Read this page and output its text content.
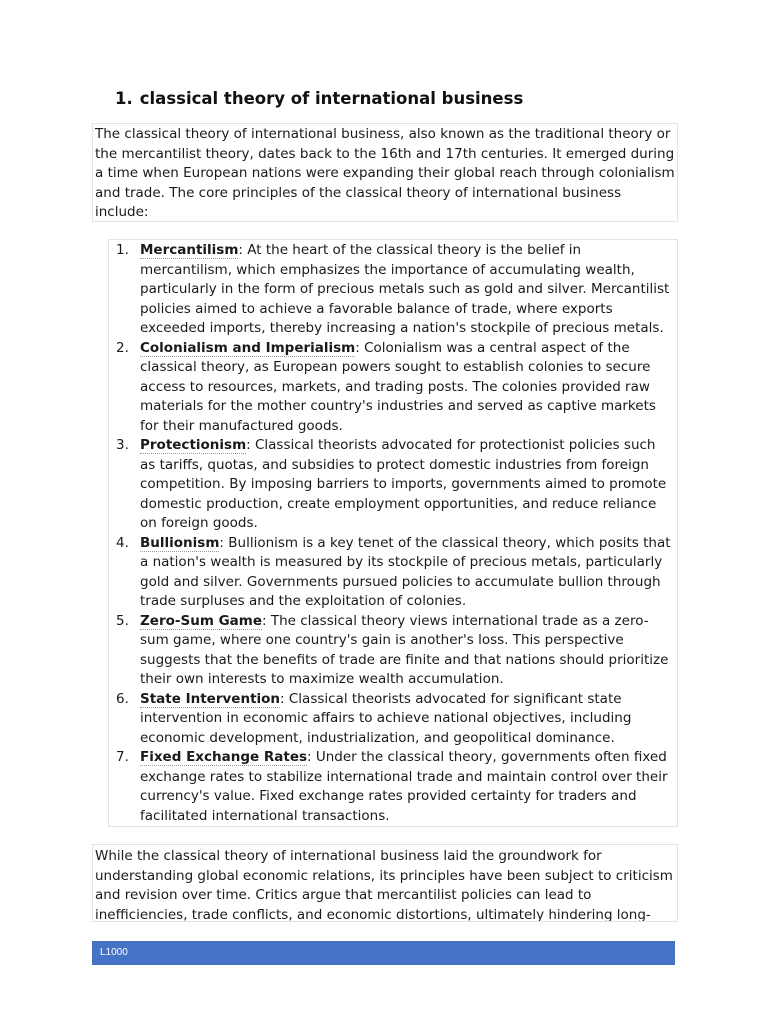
1. classical theory of international business
The classical theory of international business, also known as the traditional theory or the mercantilist theory, dates back to the 16th and 17th centuries. It emerged during a time when European nations were expanding their global reach through colonialism and trade. The core principles of the classical theory of international business include:
1. Mercantilism: At the heart of the classical theory is the belief in mercantilism, which emphasizes the importance of accumulating wealth, particularly in the form of precious metals such as gold and silver. Mercantilist policies aimed to achieve a favorable balance of trade, where exports exceeded imports, thereby increasing a nation's stockpile of precious metals.
2. Colonialism and Imperialism: Colonialism was a central aspect of the classical theory, as European powers sought to establish colonies to secure access to resources, markets, and trading posts. The colonies provided raw materials for the mother country's industries and served as captive markets for their manufactured goods.
3. Protectionism: Classical theorists advocated for protectionist policies such as tariffs, quotas, and subsidies to protect domestic industries from foreign competition. By imposing barriers to imports, governments aimed to promote domestic production, create employment opportunities, and reduce reliance on foreign goods.
4. Bullionism: Bullionism is a key tenet of the classical theory, which posits that a nation's wealth is measured by its stockpile of precious metals, particularly gold and silver. Governments pursued policies to accumulate bullion through trade surpluses and the exploitation of colonies.
5. Zero-Sum Game: The classical theory views international trade as a zero-sum game, where one country's gain is another's loss. This perspective suggests that the benefits of trade are finite and that nations should prioritize their own interests to maximize wealth accumulation.
6. State Intervention: Classical theorists advocated for significant state intervention in economic affairs to achieve national objectives, including economic development, industrialization, and geopolitical dominance.
7. Fixed Exchange Rates: Under the classical theory, governments often fixed exchange rates to stabilize international trade and maintain control over their currency's value. Fixed exchange rates provided certainty for traders and facilitated international transactions.
While the classical theory of international business laid the groundwork for understanding global economic relations, its principles have been subject to criticism and revision over time. Critics argue that mercantilist policies can lead to inefficiencies, trade conflicts, and economic distortions, ultimately hindering long-
L1000
